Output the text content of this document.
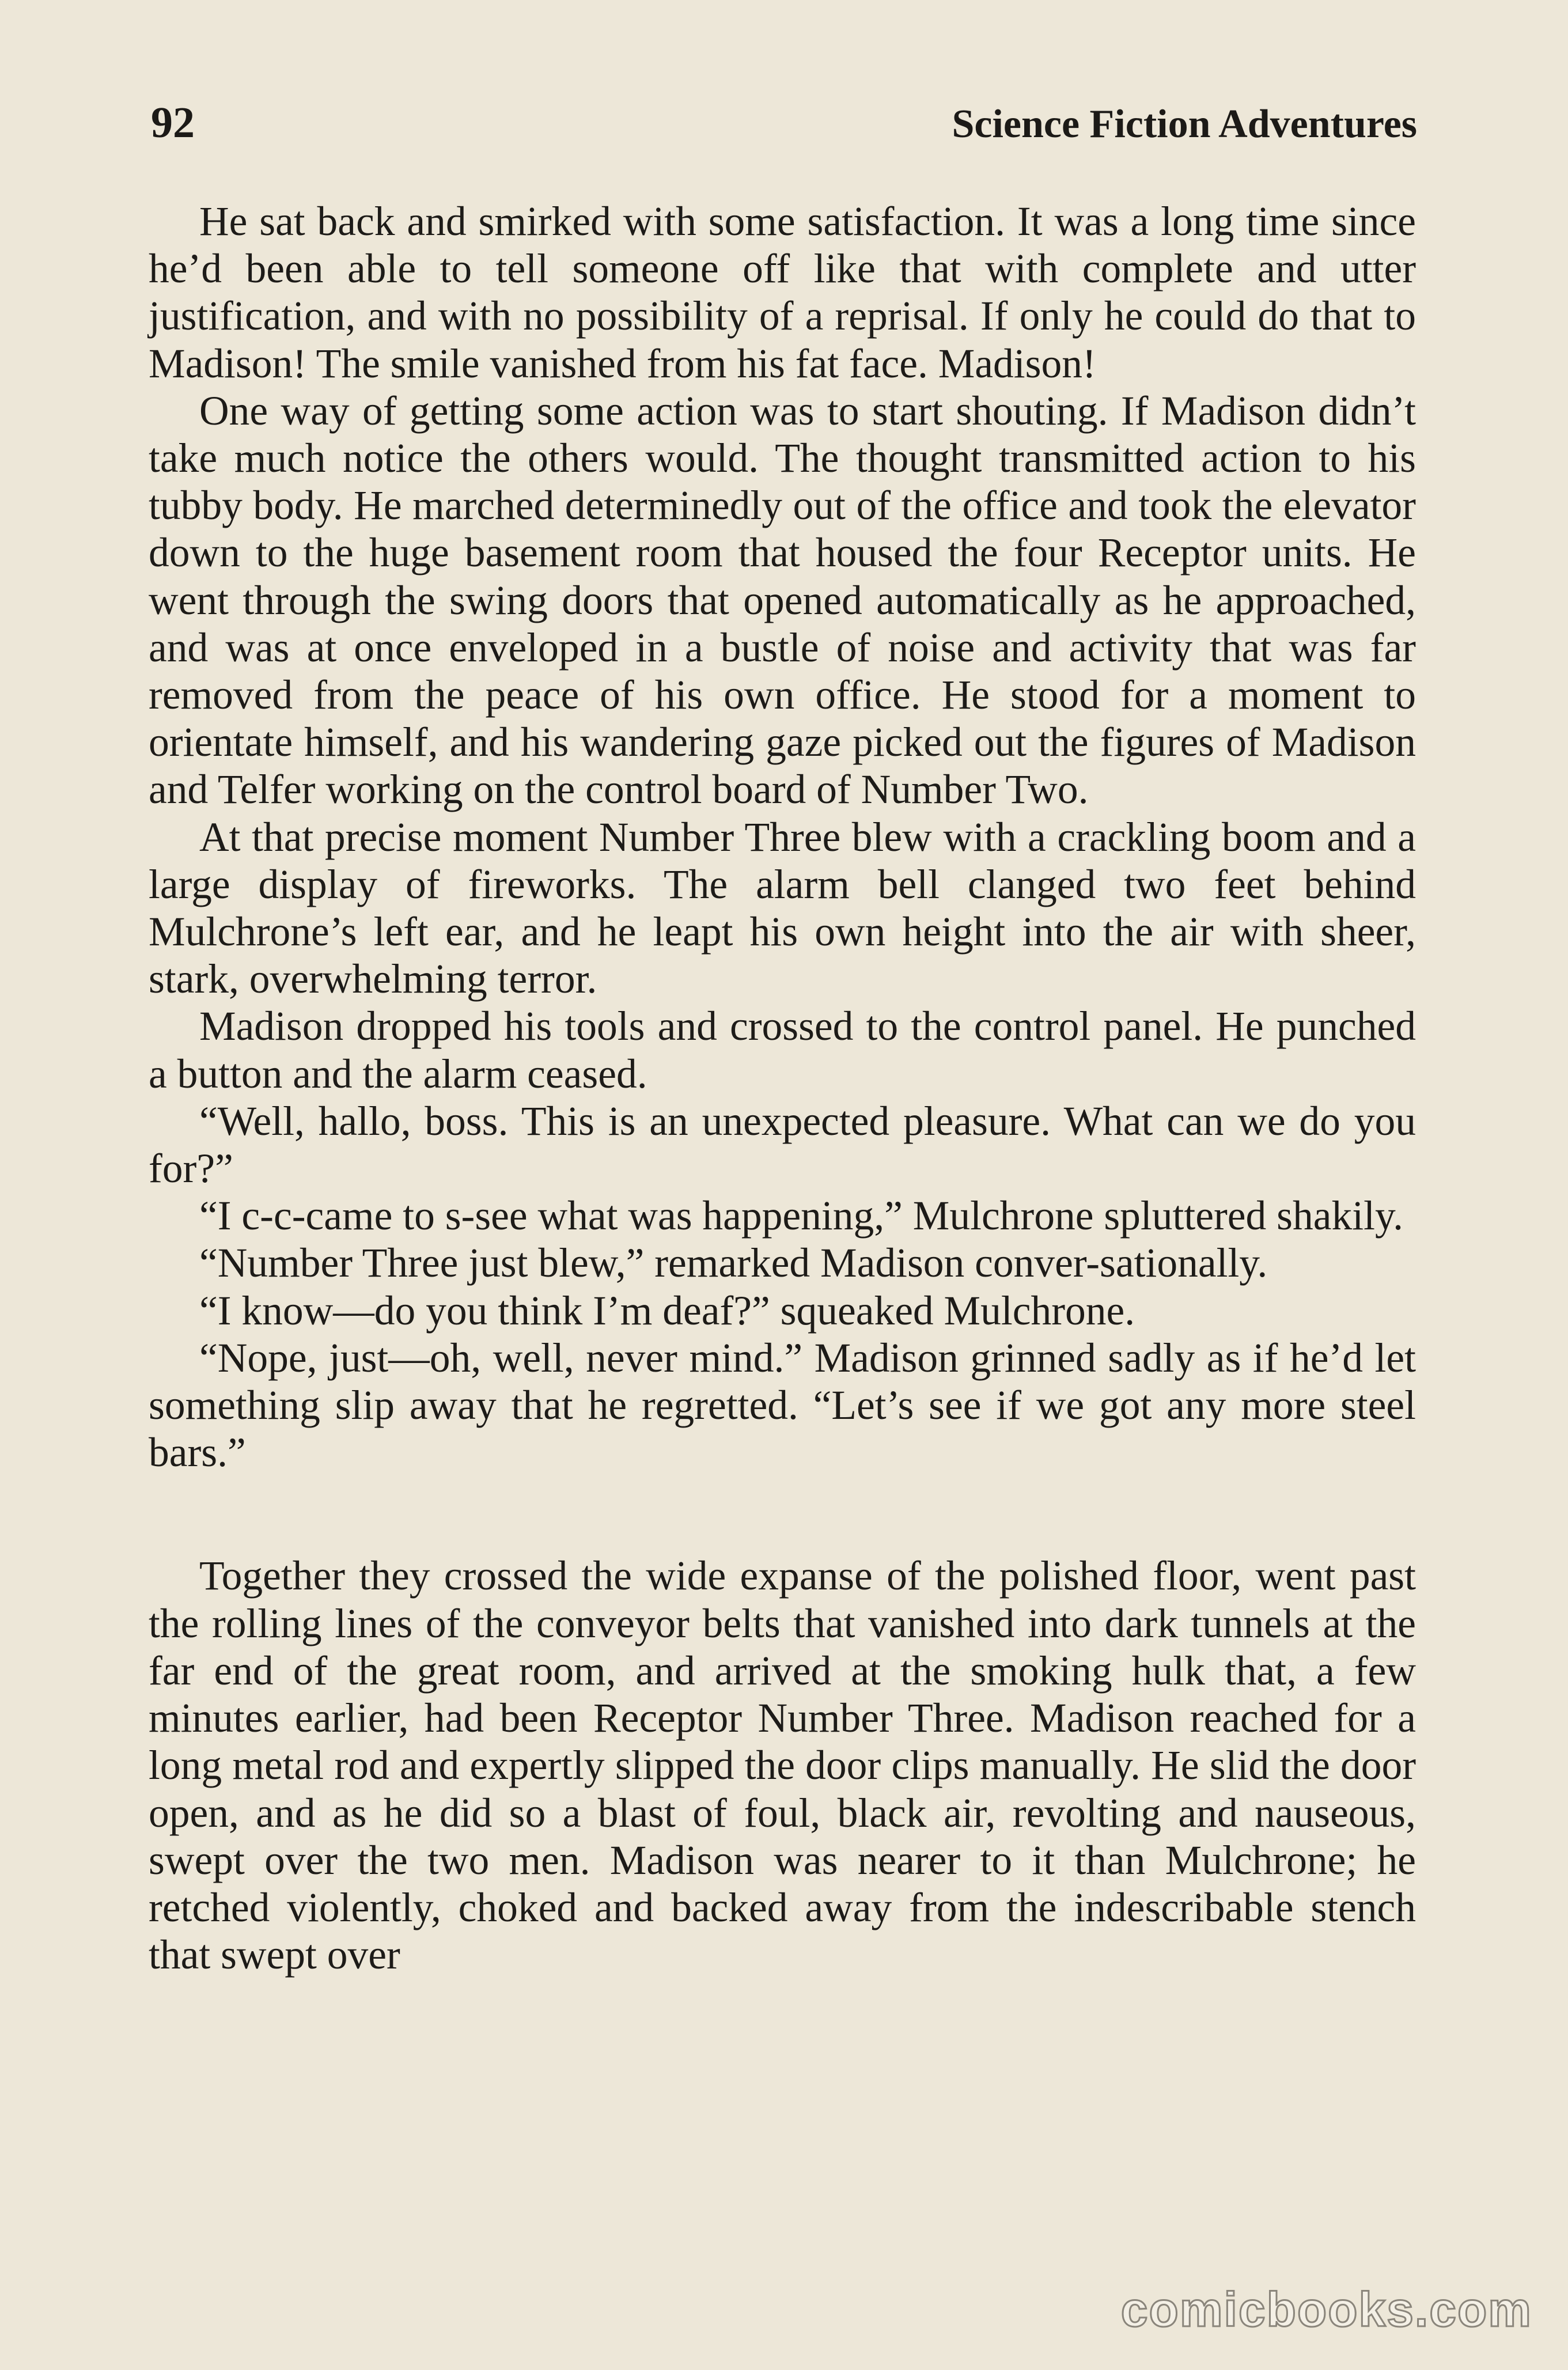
92	Science Fiction Adventures

He sat back and smirked with some satisfaction. It was a long time since he’d been able to tell someone off like that with complete and utter justification, and with no possibility of a reprisal. If only he could do that to Madison! The smile vanished from his fat face. Madison!

One way of getting some action was to start shouting. If Madison didn’t take much notice the others would. The thought transmitted action to his tubby body. He marched determinedly out of the office and took the elevator down to the huge basement room that housed the four Receptor units. He went through the swing doors that opened automatically as he approached, and was at once enveloped in a bustle of noise and activity that was far removed from the peace of his own office. He stood for a moment to orientate himself, and his wandering gaze picked out the figures of Madison and Telfer working on the control board of Number Two.

At that precise moment Number Three blew with a crackling boom and a large display of fireworks. The alarm bell clanged two feet behind Mulchrone’s left ear, and he leapt his own height into the air with sheer, stark, overwhelming terror.

Madison dropped his tools and crossed to the control panel. He punched a button and the alarm ceased.

“Well, hallo, boss. This is an unexpected pleasure. What can we do you for?”

“I c-c-came to s-see what was happening,” Mulchrone spluttered shakily.

“Number Three just blew,” remarked Madison conver-sationally.

“I know—do you think I’m deaf?” squeaked Mulchrone.

“Nope, just—oh, well, never mind.” Madison grinned sadly as if he’d let something slip away that he regretted. “Let’s see if we got any more steel bars.”

Together they crossed the wide expanse of the polished floor, went past the rolling lines of the conveyor belts that vanished into dark tunnels at the far end of the great room, and arrived at the smoking hulk that, a few minutes earlier, had been Receptor Number Three. Madison reached for a long metal rod and expertly slipped the door clips manually. He slid the door open, and as he did so a blast of foul, black air, revolting and nauseous, swept over the two men. Madison was nearer to it than Mulchrone; he retched violently, choked and backed away from the indescribable stench that swept over

comicbooks.com
